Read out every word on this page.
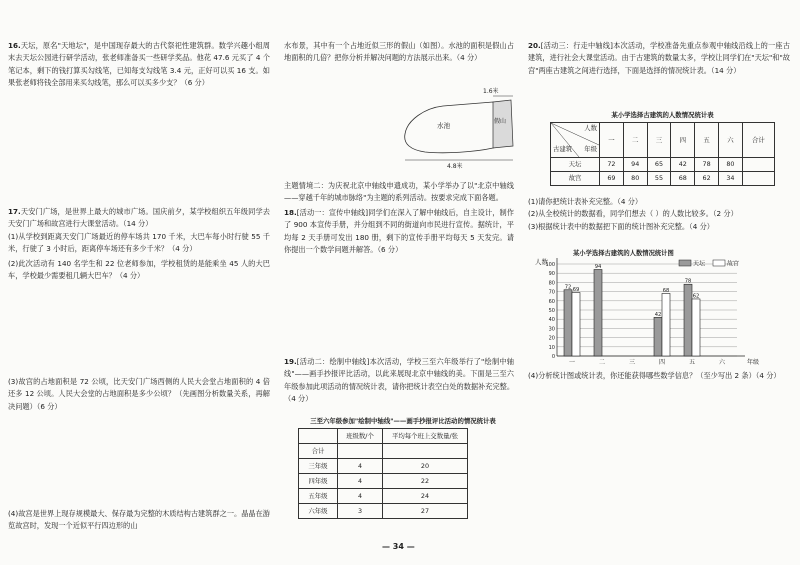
16.天坛，原名"天地坛"，是中国现存最大的古代祭祀性建筑群。数学兴趣小组周末去天坛公园进行研学活动，张老师准备买一些研学奖品。他花 47.6 元买了 4 个笔记本，剩下的钱打算买勾线笔，已知每支勾线笔 3.4 元，正好可以买 16 支。如果张老师将钱全部用来买勾线笔，那么可以买多少支？（6 分）

17.天安门广场，是世界上最大的城市广场。国庆前夕，某学校组织五年级同学去天安门广场和故宫进行大课堂活动。（14 分）

(1)从学校到距离天安门广场最近的停车场共 170 千米，大巴车每小时行驶 55 千米，行驶了 3 小时后，距离停车场还有多少千米？（4 分）

(2)此次活动有 140 名学生和 22 位老师参加，学校租赁的是能乘坐 45 人的大巴车，学校最少需要租几辆大巴车？（4 分）

(3)故宫的占地面积是 72 公顷，比天安门广场西侧的人民大会堂占地面积的 4 倍还多 12 公顷。人民大会堂的占地面积是多少公顷？（先画图分析数量关系，再解决问题）（6 分）

(4)故宫是世界上现存规模最大、保存最为完整的木质结构古建筑群之一。晶晶在游览故宫时，发现一个近似平行四边形的山

水布景，其中有一个占地近似三形的假山（如图）。水池的面积是假山占地面积的几倍？把你分析并解决问题的方法展示出来。（4 分）

1.6米
水池
假山
4.8米

主题情境二：为庆祝北京中轴线申遗成功，某小学举办了以"北京中轴线——穿越千年的城市脉络"为主题的系列活动。按要求完成下面各题。

18.[活动一：宣传中轴线]同学们在深入了解中轴线后，自主设计，制作了 900 本宣传手册，并分组到不同的街道向市民进行宣传。据统计，平均每 2 天手册可发出 180 册，剩下的宣传手册平均每天 5 天发完。请你提出一个数学问题并解答。（6 分）

19.[活动二：绘制中轴线]本次活动，学校三至六年级举行了"绘制中轴线"——画手抄报评比活动，以此来展现北京中轴线的美。下面是三至六年级参加此项活动的情况统计表，请你把统计表空白处的数据补充完整。（4 分）

三至六年级参加"绘制中轴线"——画手抄报评比活动的情况统计表
	班级数/个	平均每个班上交数量/张
合计		
三年级	4	20
四年级	4	22
五年级	4	24
六年级	3	27

20.[活动三：行走中轴线]本次活动，学校准备先重点参观中轴线沿线上的一座古建筑，进行社会大课堂活动。由于古建筑的数量太多，学校让同学们在"天坛"和"故宫"两座古建筑之间进行选择，下面是选择的情况统计表。（14 分）

某小学选择古建筑的人数情况统计表
人数
年级
古建筑	一	二	三	四	五	六	合计
天坛	72	94	65	42	78	80	
故宫	69	80	55	68	62	34	

(1)请你把统计表补充完整。（4 分）

(2)从全校统计的数据看，同学们想去（ ）的人数比较多。（2 分）

(3)根据统计表中的数据把下面的统计图补充完整。（4 分）

某小学选择古建筑的人数情况统计图
人数
0
10
20
30
40
50
60
70
80
90
100
一
72 69
二
94
三	四
42
68
五
78
62
六	年级
天坛	故宫

(4)分析统计图或统计表，你还能获得哪些数学信息？（至少写出 2 条）（4 分）

— 34 —
